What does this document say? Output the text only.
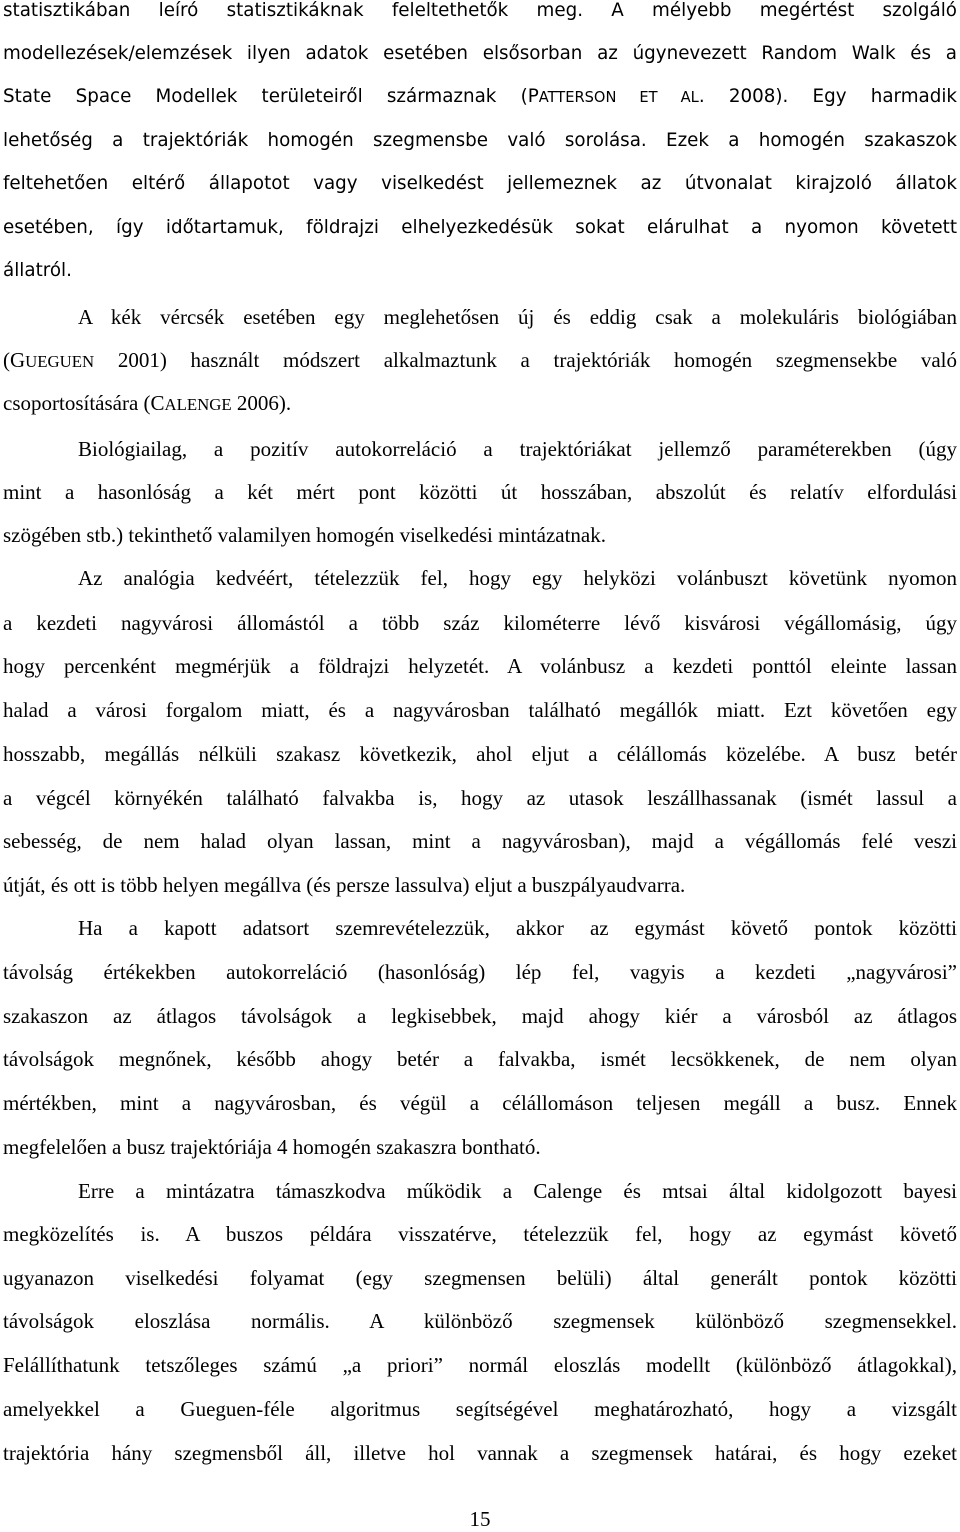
statisztikában leíró statisztikáknak feleltethetők meg. A mélyebb megértést szolgáló
modellezések/elemzések ilyen adatok esetében elsősorban az úgynevezett Random Walk és a
State Space Modellek területeiről származnak (PATTERSON ET AL. 2008). Egy harmadik
lehetőség a trajektóriák homogén szegmensbe való sorolása. Ezek a homogén szakaszok
feltehetően eltérő állapotot vagy viselkedést jellemeznek az útvonalat kirajzoló állatok
esetében, így időtartamuk, földrajzi elhelyezkedésük sokat elárulhat a nyomon követett
állatról.
A kék vércsék esetében egy meglehetősen új és eddig csak a molekuláris biológiában
(GUEGUEN 2001) használt módszert alkalmaztunk a trajektóriák homogén szegmensekbe való
csoportosítására (CALENGE 2006).
Biológiailag, a pozitív autokorreláció a trajektóriákat jellemző paraméterekben (úgy
mint a hasonlóság a két mért pont közötti út hosszában, abszolút és relatív elfordulási
szögében stb.) tekinthető valamilyen homogén viselkedési mintázatnak.
Az analógia kedvéért, tételezzük fel, hogy egy helyközi volánbuszt követünk nyomon
a kezdeti nagyvárosi állomástól a több száz kilométerre lévő kisvárosi végállomásig, úgy
hogy percenként megmérjük a földrajzi helyzetét. A volánbusz a kezdeti ponttól eleinte lassan
halad a városi forgalom miatt, és a nagyvárosban található megállók miatt. Ezt követően egy
hosszabb, megállás nélküli szakasz következik, ahol eljut a célállomás közelébe. A busz betér
a végcél környékén található falvakba is, hogy az utasok leszállhassanak (ismét lassul a
sebesség, de nem halad olyan lassan, mint a nagyvárosban), majd a végállomás felé veszi
útját, és ott is több helyen megállva (és persze lassulva) eljut a buszpályaudvarra.
Ha a kapott adatsort szemrevételezzük, akkor az egymást követő pontok közötti
távolság értékekben autokorreláció (hasonlóság) lép fel, vagyis a kezdeti „nagyvárosi”
szakaszon az átlagos távolságok a legkisebbek, majd ahogy kiér a városból az átlagos
távolságok megnőnek, később ahogy betér a falvakba, ismét lecsökkenek, de nem olyan
mértékben, mint a nagyvárosban, és végül a célállomáson teljesen megáll a busz. Ennek
megfelelően a busz trajektóriája 4 homogén szakaszra bontható.
Erre a mintázatra támaszkodva működik a Calenge és mtsai által kidolgozott bayesi
megközelítés is. A buszos példára visszatérve, tételezzük fel, hogy az egymást követő
ugyanazon viselkedési folyamat (egy szegmensen belüli) által generált pontok közötti
távolságok eloszlása normális. A különböző szegmensek különböző szegmensekkel.
Felállíthatunk tetszőleges számú „a priori” normál eloszlás modellt (különböző átlagokkal),
amelyekkel a Gueguen-féle algoritmus segítségével meghatározható, hogy a vizsgált
trajektória hány szegmensből áll, illetve hol vannak a szegmensek határai, és hogy ezeket
15
